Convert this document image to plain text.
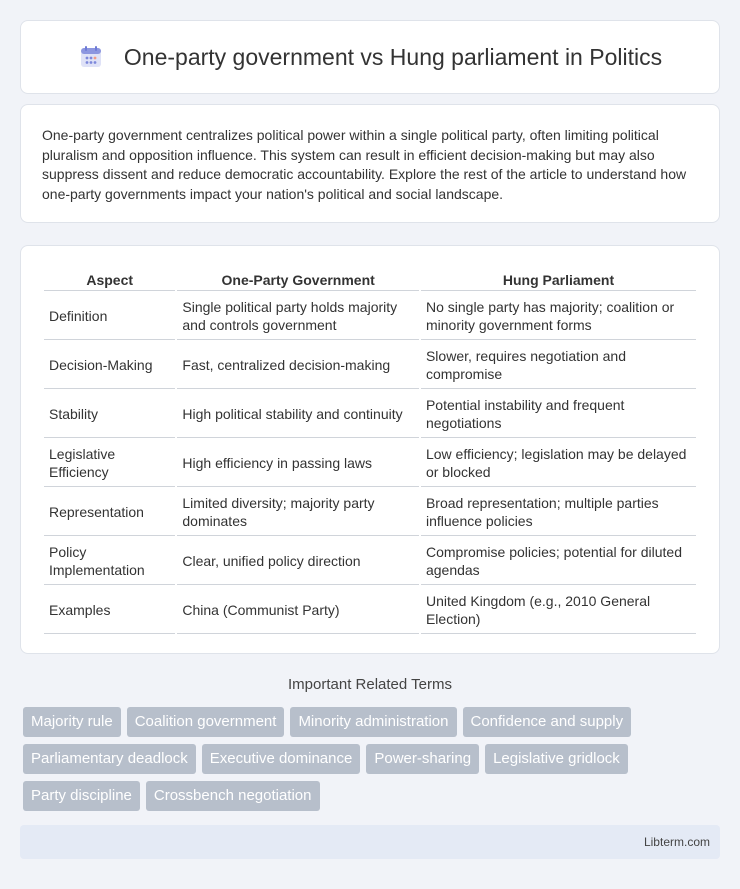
One-party government vs Hung parliament in Politics

One-party government centralizes political power within a single political party, often limiting political pluralism and opposition influence. This system can result in efficient decision-making but may also suppress dissent and reduce democratic accountability. Explore the rest of the article to understand how one-party governments impact your nation's political and social landscape.

Aspect	One-Party Government	Hung Parliament
Definition	Single political party holds majority and controls government	No single party has majority; coalition or minority government forms
Decision-Making	Fast, centralized decision-making	Slower, requires negotiation and compromise
Stability	High political stability and continuity	Potential instability and frequent negotiations
Legislative Efficiency	High efficiency in passing laws	Low efficiency; legislation may be delayed or blocked
Representation	Limited diversity; majority party dominates	Broad representation; multiple parties influence policies
Policy Implementation	Clear, unified policy direction	Compromise policies; potential for diluted agendas
Examples	China (Communist Party)	United Kingdom (e.g., 2010 General Election)
Important Related Terms
Majority rule	Coalition government	Minority administration	Confidence and supply
Parliamentary deadlock	Executive dominance	Power-sharing	Legislative gridlock
Party discipline	Crossbench negotiation
Libterm.com
